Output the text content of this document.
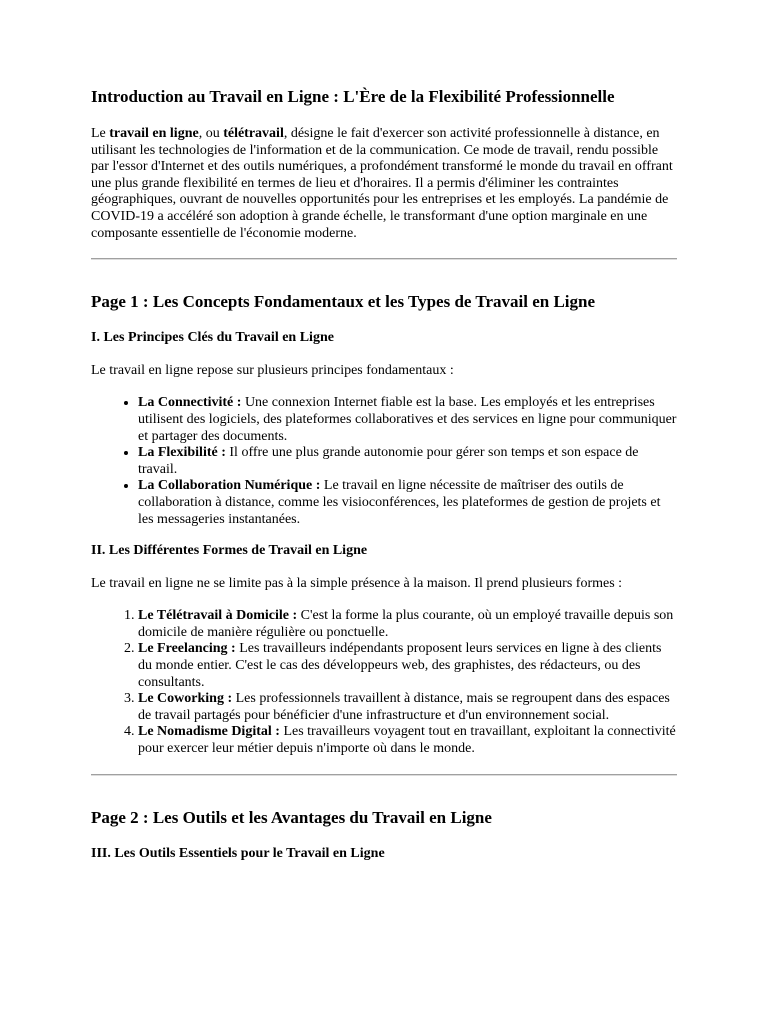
Introduction au Travail en Ligne : L'Ère de la Flexibilité Professionnelle

Le travail en ligne, ou télétravail, désigne le fait d'exercer son activité professionnelle à distance, en utilisant les technologies de l'information et de la communication. Ce mode de travail, rendu possible par l'essor d'Internet et des outils numériques, a profondément transformé le monde du travail en offrant une plus grande flexibilité en termes de lieu et d'horaires. Il a permis d'éliminer les contraintes géographiques, ouvrant de nouvelles opportunités pour les entreprises et les employés. La pandémie de COVID-19 a accéléré son adoption à grande échelle, le transformant d'une option marginale en une composante essentielle de l'économie moderne.

Page 1 : Les Concepts Fondamentaux et les Types de Travail en Ligne
I. Les Principes Clés du Travail en Ligne

Le travail en ligne repose sur plusieurs principes fondamentaux :

• La Connectivité : Une connexion Internet fiable est la base. Les employés et les entreprises utilisent des logiciels, des plateformes collaboratives et des services en ligne pour communiquer et partager des documents.
• La Flexibilité : Il offre une plus grande autonomie pour gérer son temps et son espace de travail.
• La Collaboration Numérique : Le travail en ligne nécessite de maîtriser des outils de collaboration à distance, comme les visioconférences, les plateformes de gestion de projets et les messageries instantanées.
II. Les Différentes Formes de Travail en Ligne

Le travail en ligne ne se limite pas à la simple présence à la maison. Il prend plusieurs formes :

1. Le Télétravail à Domicile : C'est la forme la plus courante, où un employé travaille depuis son domicile de manière régulière ou ponctuelle.
2. Le Freelancing : Les travailleurs indépendants proposent leurs services en ligne à des clients du monde entier. C'est le cas des développeurs web, des graphistes, des rédacteurs, ou des consultants.
3. Le Coworking : Les professionnels travaillent à distance, mais se regroupent dans des espaces de travail partagés pour bénéficier d'une infrastructure et d'un environnement social.
4. Le Nomadisme Digital : Les travailleurs voyagent tout en travaillant, exploitant la connectivité pour exercer leur métier depuis n'importe où dans le monde.
Page 2 : Les Outils et les Avantages du Travail en Ligne
III. Les Outils Essentiels pour le Travail en Ligne
